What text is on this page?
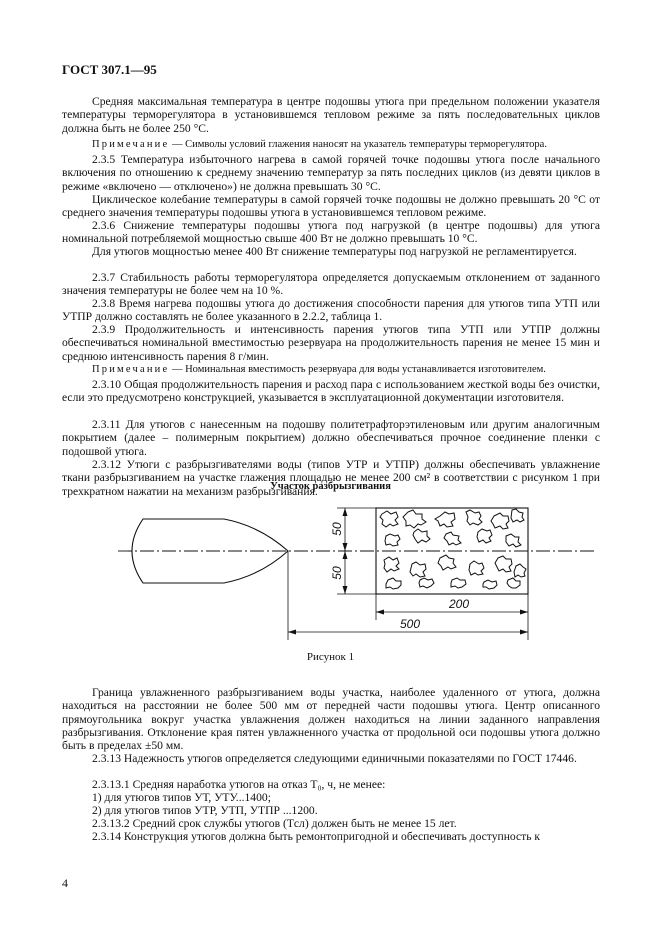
ГОСТ 307.1—95
Средняя максимальная температура в центре подошвы утюга при предельном положении указателя температуры терморегулятора в установившемся тепловом режиме за пять последовательных циклов должна быть не более 250 °С.
Примечание — Символы условий глажения наносят на указатель температуры терморегулятора.
2.3.5 Температура избыточного нагрева в самой горячей точке подошвы утюга после начального включения по отношению к среднему значению температур за пять последних циклов (из девяти циклов в режиме «включено — отключено») не должна превышать 30 °С.
Циклическое колебание температуры в самой горячей точке подошвы не должно превышать 20 °С от среднего значения температуры подошвы утюга в установившемся тепловом режиме.
2.3.6 Снижение температуры подошвы утюга под нагрузкой (в центре подошвы) для утюга номинальной потребляемой мощностью свыше 400 Вт не должно превышать 10 °С.
Для утюгов мощностью менее 400 Вт снижение температуры под нагрузкой не регламентируется.
2.3.7 Стабильность работы терморегулятора определяется допускаемым отклонением от заданного значения температуры не более чем на 10 %.
2.3.8 Время нагрева подошвы утюга до достижения способности парения для утюгов типа УТП или УТПР должно составлять не более указанного в 2.2.2, таблица 1.
2.3.9 Продолжительность и интенсивность парения утюгов типа УТП или УТПР должны обеспечиваться номинальной вместимостью резервуара на продолжительность парения не менее 15 мин и среднюю интенсивность парения 8 г/мин.
Примечание — Номинальная вместимость резервуара для воды устанавливается изготовителем.
2.3.10 Общая продолжительность парения и расход пара с использованием жесткой воды без очистки, если это предусмотрено конструкцией, указывается в эксплуатационной документации изготовителя.
2.3.11 Для утюгов с нанесенным на подошву политетрафторэтиленовым или другим аналогичным покрытием (далее – полимерным покрытием) должно обеспечиваться прочное соединение пленки с подошвой утюга.
2.3.12 Утюги с разбрызгивателями воды (типов УТР и УТПР) должны обеспечивать увлажнение ткани разбрызгиванием на участке глажения площадью не менее 200 см² в соответствии с рисунком 1 при трехкратном нажатии на механизм разбрызгивания.
Участок разбрызгивания
50
50
200
500
Рисунок 1
Граница увлажненного разбрызгиванием воды участка, наиболее удаленного от утюга, должна находиться на расстоянии не более 500 мм от передней части подошвы утюга. Центр описанного прямоугольника вокруг участка увлажнения должен находиться на линии заданного направления разбрызгивания. Отклонение края пятен увлажненного участка от продольной оси подошвы утюга должно быть в пределах ±50 мм.
2.3.13 Надежность утюгов определяется следующими единичными показателями по ГОСТ 17446.
2.3.13.1 Средняя наработка утюгов на отказ T₀, ч, не менее:
1) для утюгов типов УТ, УТУ...1400;
2) для утюгов типов УТР, УТП, УТПР ...1200.
2.3.13.2 Средний срок службы утюгов (Tсл) должен быть не менее 15 лет.
2.3.14 Конструкция утюгов должна быть ремонтопригодной и обеспечивать доступность к
4
